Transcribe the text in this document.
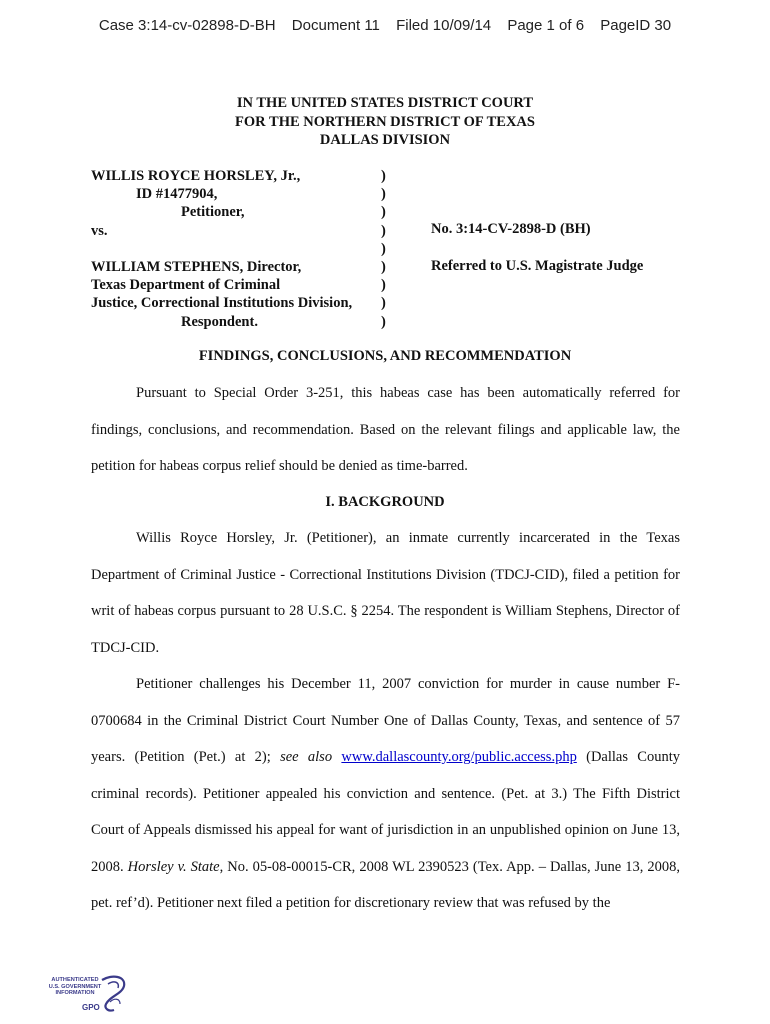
Case 3:14-cv-02898-D-BH Document 11 Filed 10/09/14 Page 1 of 6 PageID 30
IN THE UNITED STATES DISTRICT COURT
FOR THE NORTHERN DISTRICT OF TEXAS
DALLAS DIVISION
WILLIS ROYCE HORSLEY, Jr.,
ID #1477904,
Petitioner,
vs.

WILLIAM STEPHENS, Director,
Texas Department of Criminal
Justice, Correctional Institutions Division,
Respondent.
)
)
)
)
)
)
)
)
)
No. 3:14-CV-2898-D (BH)
Referred to U.S. Magistrate Judge
FINDINGS, CONCLUSIONS, AND RECOMMENDATION

Pursuant to Special Order 3-251, this habeas case has been automatically referred for findings, conclusions, and recommendation. Based on the relevant filings and applicable law, the petition for habeas corpus relief should be denied as time-barred.

I. BACKGROUND

Willis Royce Horsley, Jr. (Petitioner), an inmate currently incarcerated in the Texas Department of Criminal Justice - Correctional Institutions Division (TDCJ-CID), filed a petition for writ of habeas corpus pursuant to 28 U.S.C. § 2254. The respondent is William Stephens, Director of TDCJ-CID.

Petitioner challenges his December 11, 2007 conviction for murder in cause number F-0700684 in the Criminal District Court Number One of Dallas County, Texas, and sentence of 57 years. (Petition (Pet.) at 2); see also www.dallascounty.org/public.access.php (Dallas County criminal records). Petitioner appealed his conviction and sentence. (Pet. at 3.) The Fifth District Court of Appeals dismissed his appeal for want of jurisdiction in an unpublished opinion on June 13, 2008. Horsley v. State, No. 05-08-00015-CR, 2008 WL 2390523 (Tex. App. – Dallas, June 13, 2008, pet. ref’d). Petitioner next filed a petition for discretionary review that was refused by the

AUTHENTICATED
U.S. GOVERNMENT
INFORMATION
GPO
